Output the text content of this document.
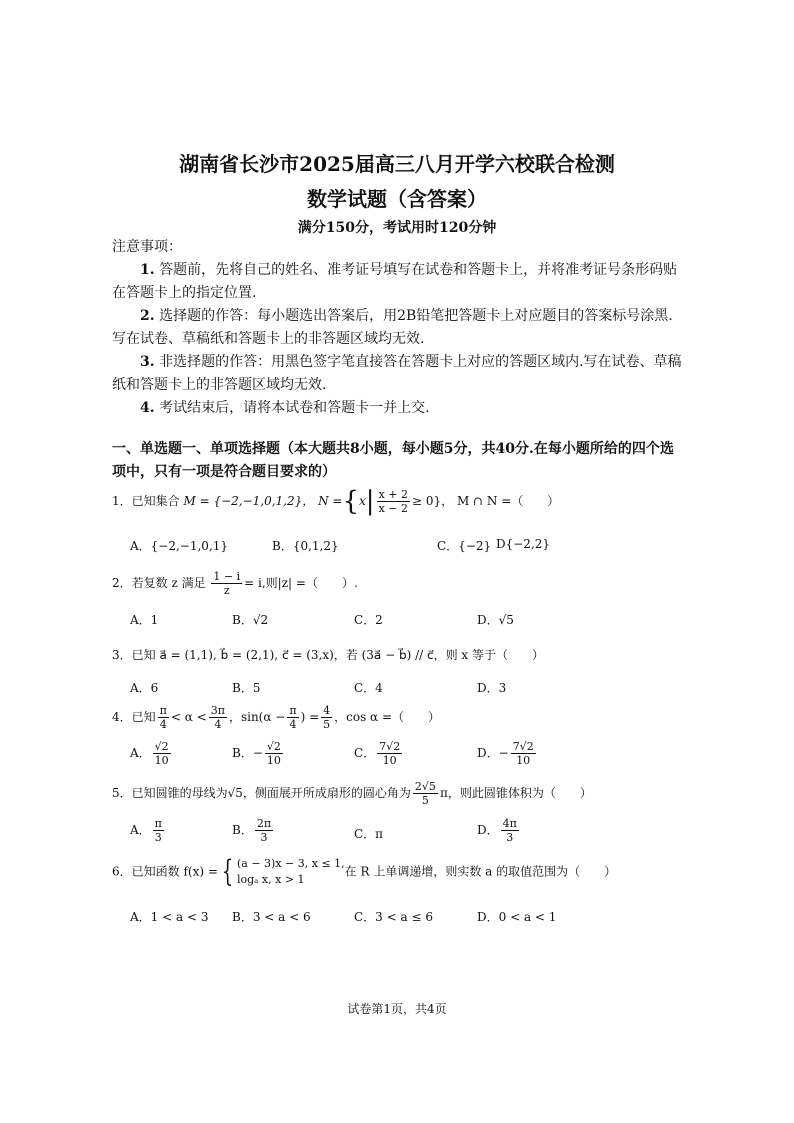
湖南省长沙市2025届高三八月开学六校联合检测
数学试题（含答案）
满分150分，考试用时120分钟
注意事项：
1. 答题前，先将自己的姓名、准考证号填写在试卷和答题卡上，并将准考证号条形码贴
在答题卡上的指定位置.
2. 选择题的作答：每小题选出答案后，用2B铅笔把答题卡上对应题目的答案标号涂黑.
写在试卷、草稿纸和答题卡上的非答题区域均无效.
3. 非选择题的作答：用黑色签字笔直接答在答题卡上对应的答题区域内.写在试卷、草稿
纸和答题卡上的非答题区域均无效.
4. 考试结束后，请将本试卷和答题卡一并上交.
一、单选题一、单项选择题（本大题共8小题，每小题5分，共40分.在每小题所给的四个选
项中，只有一项是符合题目要求的）
1．已知集合 M = {−2,−1,0,1,2}， $N =\{x| \frac{x + 2}{x - 2} \ge 0\}$， M ∩ N =（　　）
A．{−2,−1,0,1}	B．{0,1,2}	C．{−2} D{−2,2}
2．若复数 z 满足 $\frac{1 - i}{z} = i$,则|z| =（　　）.
A．1	B．√2	C．2	D．√5
3．已知 a⃗ = (1,1), b⃗ = (2,1), c⃗ = (3,x)，若 (3a⃗ − b⃗) // c⃗，则 x 等于（　　）
A．6	B．5	C．4	D．3
4．已知 $\frac{\pi}{4} < \alpha < \frac{3\pi}{4}$ ，$\sin(\alpha - \frac{\pi}{4}$ ) = $\frac{4}{5}$ ，cos α =（　　）
A． $\frac{√2}{10}$	B．− $\frac{√2}{10}$	C． $\frac{7√2}{10}$	D．− $\frac{7√2}{10}$
5．已知圆锥的母线为√5，侧面展开所成扇形的圆心角为 $\frac{2√5}{5}$ π，则此圆锥体积为（　　）
A． $\frac{\pi}{3}$	B． $\frac{2\pi}{3}$	C．π	D． $\frac{4\pi}{3}$
6．已知函数 f(x) = { (a − 3)x − 3, x ≤ 1,
logₐ x, x > 1
在 R 上单调递增，则实数 a 的取值范围为（　　）
A．1 < a < 3 B．3 < a < 6	C．3 < a ≤ 6	D．0 < a < 1
试卷第1页，共4页
